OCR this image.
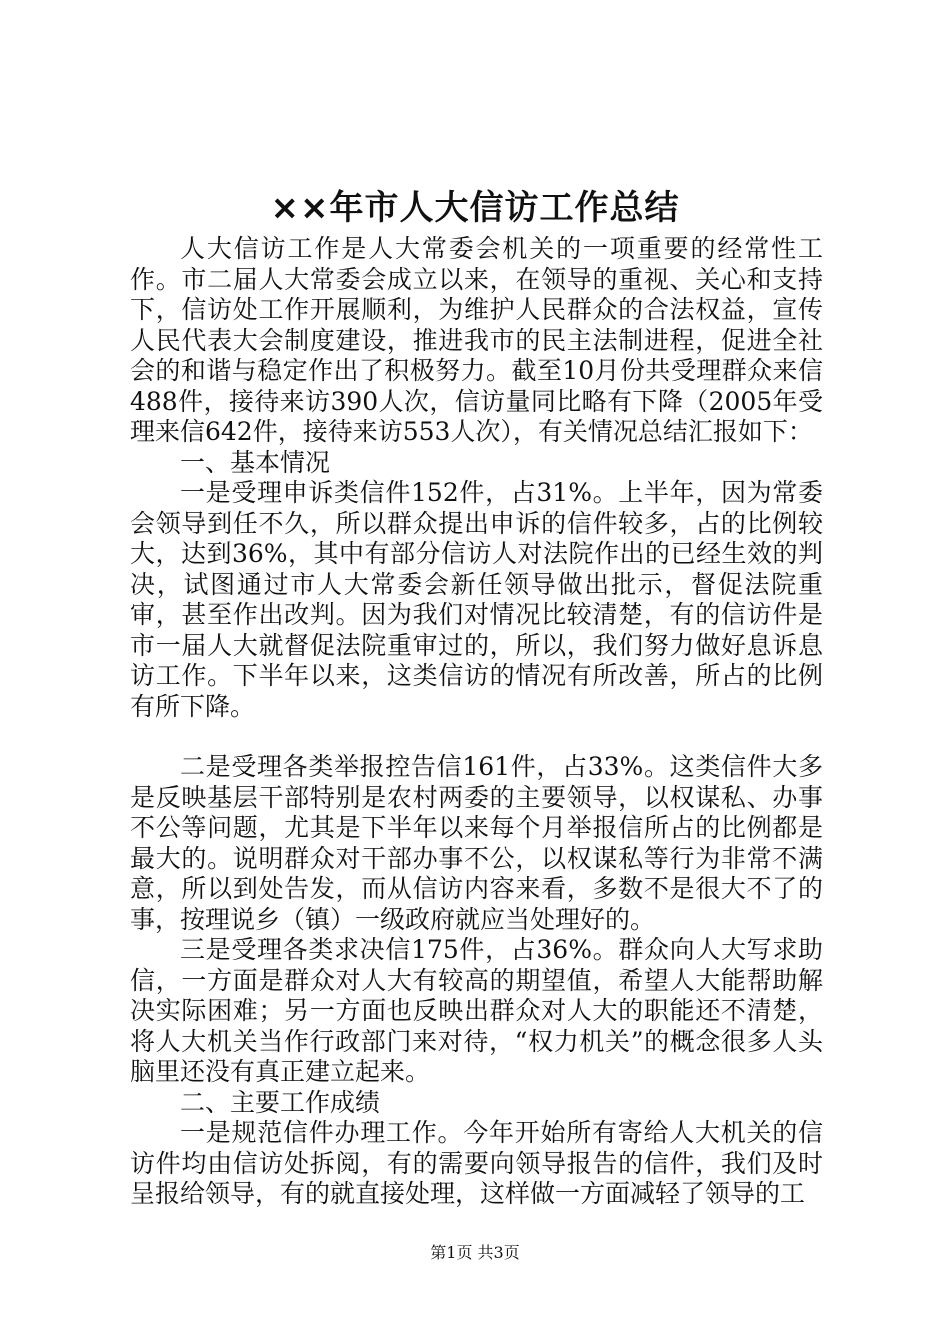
××年市人大信访工作总结

人大信访工作是人大常委会机关的一项重要的经常性工作。市二届人大常委会成立以来，在领导的重视、关心和支持下，信访处工作开展顺利，为维护人民群众的合法权益，宣传人民代表大会制度建设，推进我市的民主法制进程，促进全社会的和谐与稳定作出了积极努力。截至10月份共受理群众来信488件，接待来访390人次，信访量同比略有下降（2005年受理来信642件，接待来访553人次），有关情况总结汇报如下：

一、基本情况

一是受理申诉类信件152件，占31%。上半年，因为常委会领导到任不久，所以群众提出申诉的信件较多，占的比例较大，达到36%，其中有部分信访人对法院作出的已经生效的判决，试图通过市人大常委会新任领导做出批示，督促法院重审，甚至作出改判。因为我们对情况比较清楚，有的信访件是市一届人大就督促法院重审过的，所以，我们努力做好息诉息访工作。下半年以来，这类信访的情况有所改善，所占的比例有所下降。

二是受理各类举报控告信161件，占33%。这类信件大多是反映基层干部特别是农村两委的主要领导，以权谋私、办事不公等问题，尤其是下半年以来每个月举报信所占的比例都是最大的。说明群众对干部办事不公，以权谋私等行为非常不满意，所以到处告发，而从信访内容来看，多数不是很大不了的事，按理说乡（镇）一级政府就应当处理好的。

三是受理各类求决信175件，占36%。群众向人大写求助信，一方面是群众对人大有较高的期望值，希望人大能帮助解决实际困难；另一方面也反映出群众对人大的职能还不清楚，将人大机关当作行政部门来对待，“权力机关”的概念很多人头脑里还没有真正建立起来。

二、主要工作成绩

一是规范信件办理工作。今年开始所有寄给人大机关的信访件均由信访处拆阅，有的需要向领导报告的信件，我们及时呈报给领导，有的就直接处理，这样做一方面减轻了领导的工

第1页 共3页
